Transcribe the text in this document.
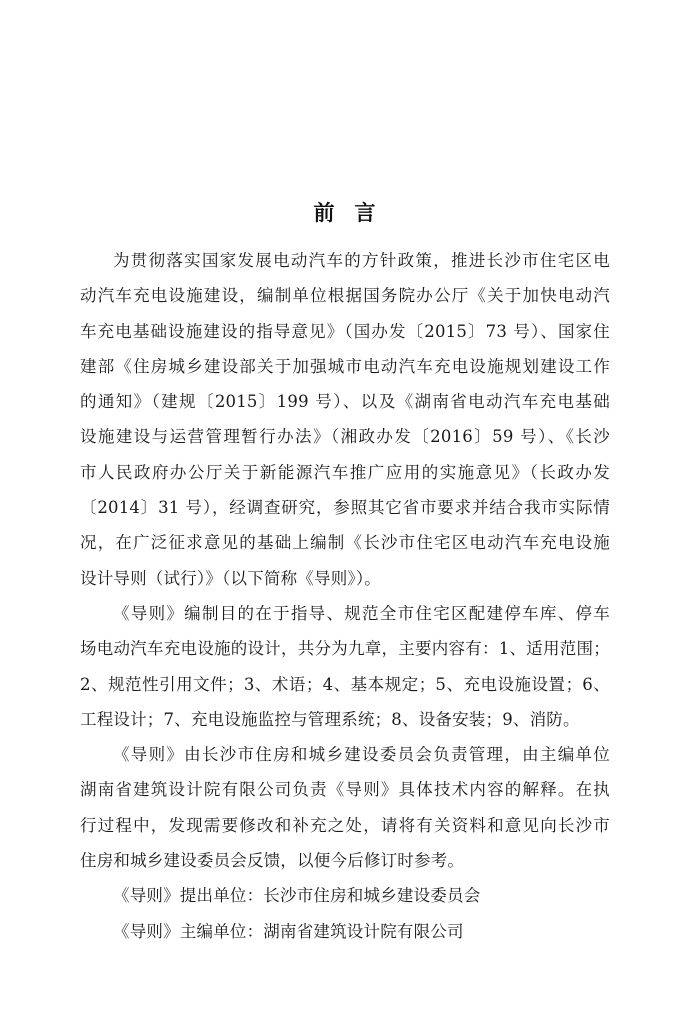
前言
为贯彻落实国家发展电动汽车的方针政策，推进长沙市住宅区电
动汽车充电设施建设，编制单位根据国务院办公厅《关于加快电动汽
车充电基础设施建设的指导意见》（国办发〔2015〕73 号）、国家住
建部《住房城乡建设部关于加强城市电动汽车充电设施规划建设工作
的通知》（建规〔2015〕199 号）、以及《湖南省电动汽车充电基础
设施建设与运营管理暂行办法》（湘政办发〔2016〕59 号）、《长沙
市人民政府办公厅关于新能源汽车推广应用的实施意见》（长政办发
〔2014〕31 号），经调查研究，参照其它省市要求并结合我市实际情
况，在广泛征求意见的基础上编制《长沙市住宅区电动汽车充电设施
设计导则（试行）》（以下简称《导则》）。
《导则》编制目的在于指导、规范全市住宅区配建停车库、停车
场电动汽车充电设施的设计，共分为九章，主要内容有：1、适用范围；
2、规范性引用文件；3、术语；4、基本规定；5、充电设施设置；6、
工程设计；7、充电设施监控与管理系统；8、设备安装；9、消防。
《导则》由长沙市住房和城乡建设委员会负责管理，由主编单位
湖南省建筑设计院有限公司负责《导则》具体技术内容的解释。在执
行过程中，发现需要修改和补充之处，请将有关资料和意见向长沙市
住房和城乡建设委员会反馈，以便今后修订时参考。
《导则》提出单位：长沙市住房和城乡建设委员会
《导则》主编单位：湖南省建筑设计院有限公司
